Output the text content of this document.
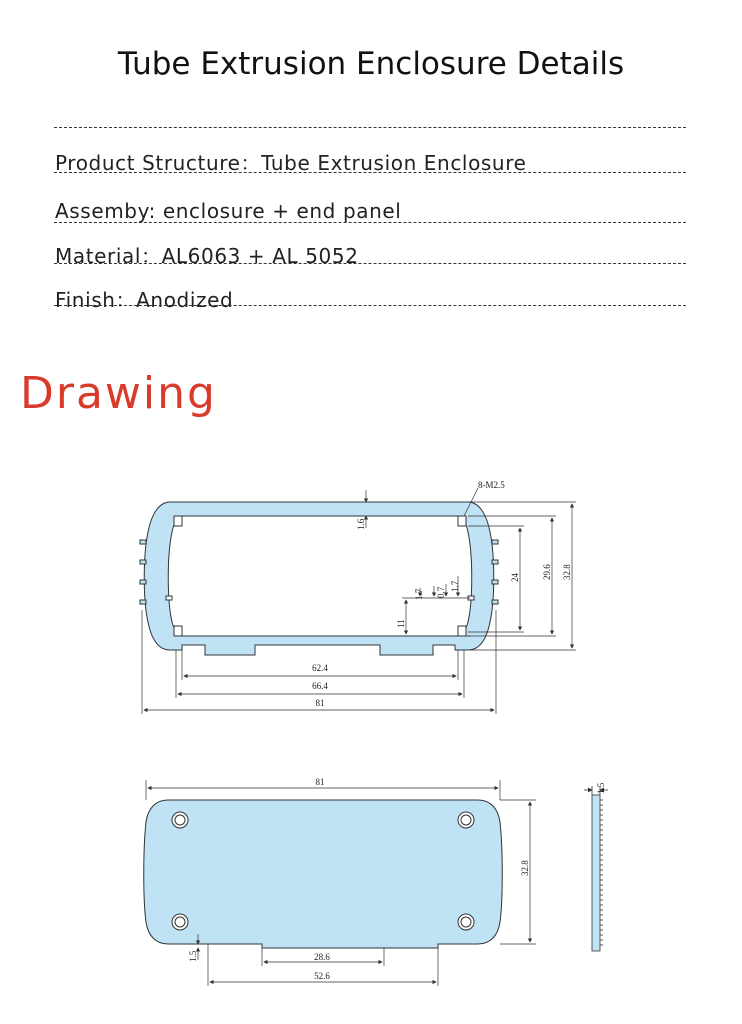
Tube Extrusion Enclosure Details
Product Structure：Tube Extrusion Enclosure
Assemby: enclosure + end panel
Material：AL6063 + AL 5052
Finish：Anodized
Drawing
8-M2.5
1.6
32.8
29.6
24
11
1.7 0.7
1.7
62.4
66.4
81
81
32.8
28.6
52.6
1.5
1.5
